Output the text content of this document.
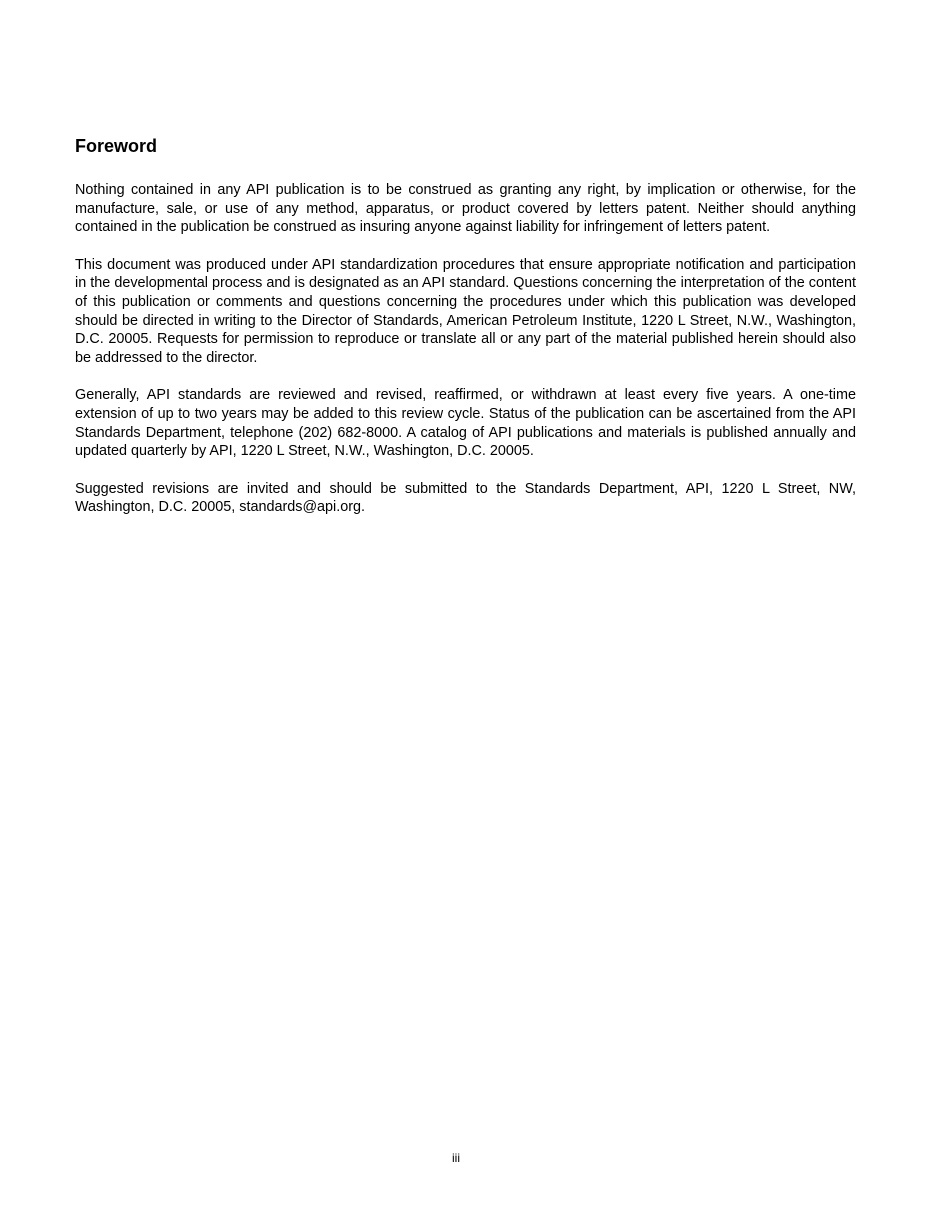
Foreword

Nothing contained in any API publication is to be construed as granting any right, by implication or otherwise, for the manufacture, sale, or use of any method, apparatus, or product covered by letters patent. Neither should anything contained in the publication be construed as insuring anyone against liability for infringement of letters patent.

This document was produced under API standardization procedures that ensure appropriate notification and participation in the developmental process and is designated as an API standard. Questions concerning the interpretation of the content of this publication or comments and questions concerning the procedures under which this publication was developed should be directed in writing to the Director of Standards, American Petroleum Institute, 1220 L Street, N.W., Washington, D.C. 20005. Requests for permission to reproduce or translate all or any part of the material published herein should also be addressed to the director.

Generally, API standards are reviewed and revised, reaffirmed, or withdrawn at least every five years. A one-time extension of up to two years may be added to this review cycle. Status of the publication can be ascertained from the API Standards Department, telephone (202) 682-8000. A catalog of API publications and materials is published annually and updated quarterly by API, 1220 L Street, N.W., Washington, D.C. 20005.

Suggested revisions are invited and should be submitted to the Standards Department, API, 1220 L Street, NW, Washington, D.C. 20005, standards@api.org.

iii
